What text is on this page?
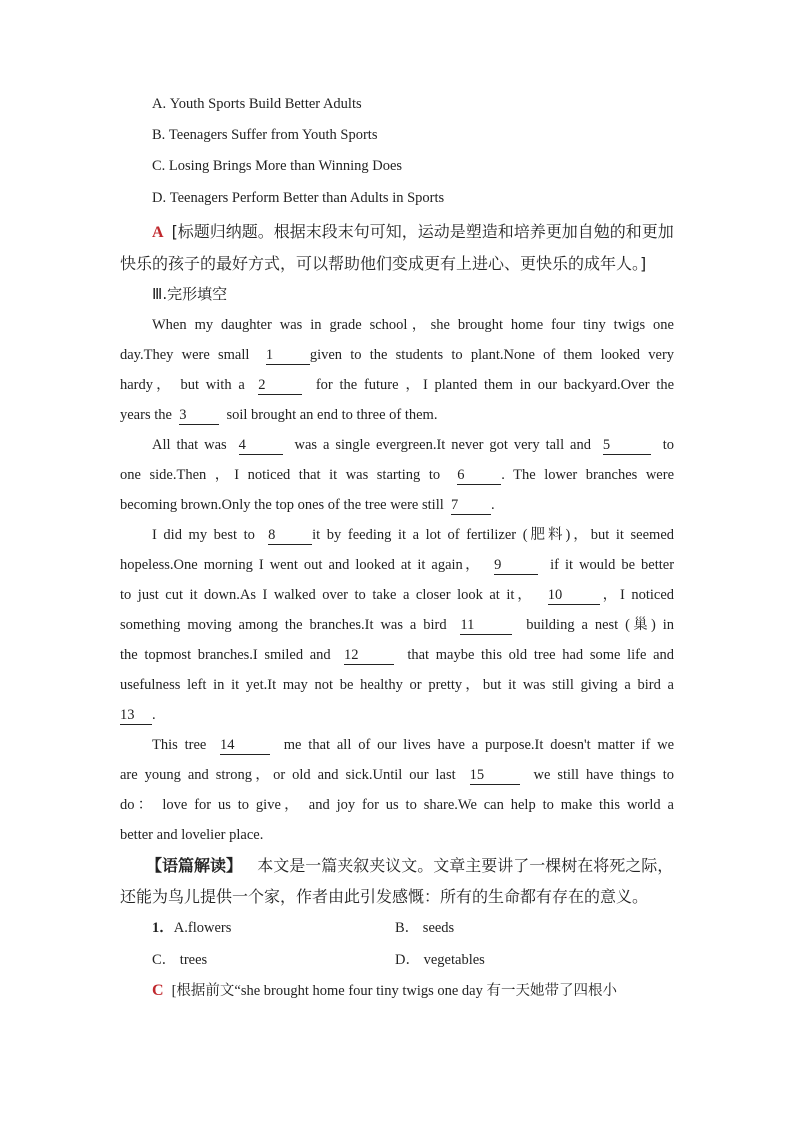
A. Youth Sports Build Better Adults
B. Teenagers Suffer from Youth Sports
C. Losing Brings More than Winning Does
D. Teenagers Perform Better than Adults in Sports
A [标题归纳题。根据末段末句可知，运动是塑造和培养更加自勉的和更加
快乐的孩子的最好方式，可以帮助他们变成更有上进心、更快乐的成年人。]
Ⅲ.完形填空
When my daughter was in grade school，she brought home four tiny twigs one
day.They were small 1	given to the students to plant.None of them looked very
hardy， but with a 2	for the future ，I planted them in our backyard.Over the
years the 3	soil brought an end to three of them.
All that was 4	was a single evergreen.It never got very tall and 5	to
one side.Then ，I noticed that it was starting to 6	. The lower branches were
becoming brown.Only the top ones of the tree were still 7 .
I did my best to 8	it by feeding it a lot of fertilizer (肥料)，but it seemed
hopeless.One morning I went out and looked at it again， 9	if it would be better
to just cut it down.As I walked over to take a closer look at it， 10	，I noticed
something moving among the branches.It was a bird 11	building a nest (巢) in
the topmost branches.I smiled and 12	that maybe this old tree had some life and
usefulness left in it yet.It may not be healthy or pretty，but it was still giving a bird a
13 .
This tree 14	me that all of our lives have a purpose.It doesn't matter if we
are young and strong，or old and sick.Until our last 15	we still have things to
do： love for us to give， and joy for us to share.We can help to make this world a
better and lovelier place.
【语篇解读】 本文是一篇夹叙夹议文。文章主要讲了一棵树在将死之际，
还能为鸟儿提供一个家，作者由此引发感慨：所有的生命都有存在的意义。
1．A.flowers	B． seeds
C． trees	D． vegetables
C [根据前文“she brought home four tiny twigs one day 有一天她带了四根小
